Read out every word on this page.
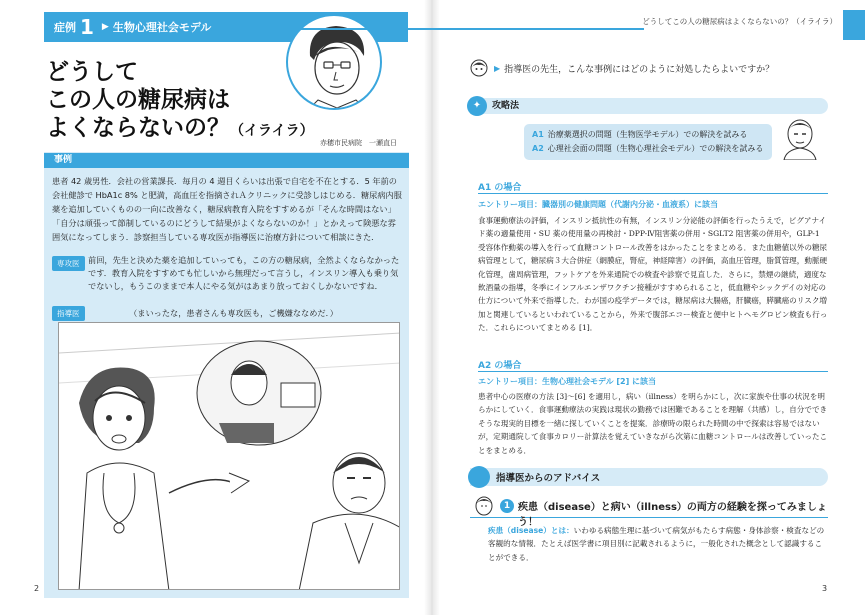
症例 1 ▶ 生物心理社会モデル
どうして
この人の糖尿病は
よくならないの？（イライラ）
赤穂市民病院　一瀬直日
事例
患者 42 歳男性．会社の営業課長．毎月の 4 週目くらいは出張で自宅を不在とする．5 年前の会社健診で HbA1c 8% と肥満，高血圧を指摘されＡクリニックに受診しはじめる．糖尿病内服薬を追加していくものの一向に改善なく，糖尿病教育入院をすすめるが「そんな時間はない」「自分は頑張って節制しているのにどうして結果がよくならないのか！」とかえって険悪な雰囲気になってしまう．診察担当している専攻医が指導医に治療方針について相談にきた．
専攻医	前回，先生と決めた薬を追加していっても，この方の糖尿病，全然よくならなかったです．教育入院をすすめても忙しいから無理だって言うし，インスリン導入も乗り気でないし，もうこのままで本人にやる気がはあまり放っておくしかないですね．
指導医	（まいったな，患者さんも専攻医も，ご機嫌ななめだ．）
2
どうしてこの人の糖尿病はよくならないの？（イライラ）
▶ 指導医の先生，こんな事例にはどのように対処したらよいですか？
✦	攻略法
A1 治療薬選択の問題（生物医学モデル）での解決を試みる
A2 心理社会面の問題（生物心理社会モデル）での解決を試みる
A1 の場合
エントリー項目：臓器別の健康問題（代謝内分泌・血液系）に該当
食事運動療法の評価，インスリン抵抗性の有無，インスリン分泌能の評価を行ったうえで，ビグアナイド薬の適量使用・SU 薬の使用量の再検討・DPP-Ⅳ阻害薬の併用・SGLT2 阻害薬の併用や，GLP-1 受容体作動薬の導入を行って血糖コントロール改善をはかったことをまとめる．また血糖値以外の糖尿病管理として，糖尿病３大合併症（網膜症，腎症，神経障害）の評価，高血圧管理，脂質管理，動脈硬化管理，歯周病管理，フットケアを外来通院での検査や診察で見直した．さらに，禁煙の継続，適度な飲酒量の指導，冬季にインフルエンザワクチン接種がすすめられること，低血糖やシックデイの対応の仕方について外来で指導した．わが国の疫学データでは，糖尿病は大腸癌，肝臓癌，膵臓癌のリスク増加と関連しているといわれていることから，外来で腹部エコー検査と便中ヒトヘモグロビン検査も行った．これらについてまとめる [1]．
A2 の場合
エントリー項目：生物心理社会モデル [2] に該当
患者中心の医療の方法 [3]～[6] を適用し，病い（illness）を明らかにし，次に家族や仕事の状況を明らかにしていく．食事運動療法の実践は現状の勤務では困難であることを理解（共感）し，自分でできそうな現実的目標を一緒に探していくことを提案．診療時の限られた時間の中で探索は容易ではないが，定期通院して食事カロリー計算法を覚えていきながら次第に血糖コントロールは改善していったことをまとめる．
指導医からのアドバイス
1 疾患（disease）と病い（illness）の両方の経験を探ってみましょう！
疾患（disease）とは：いわゆる病態生理に基づいて病気がもたらす病態・身体診察・検査などの客観的な情報．たとえば医学書に項目別に記載されるように，一般化された概念として認識することができる．
3
